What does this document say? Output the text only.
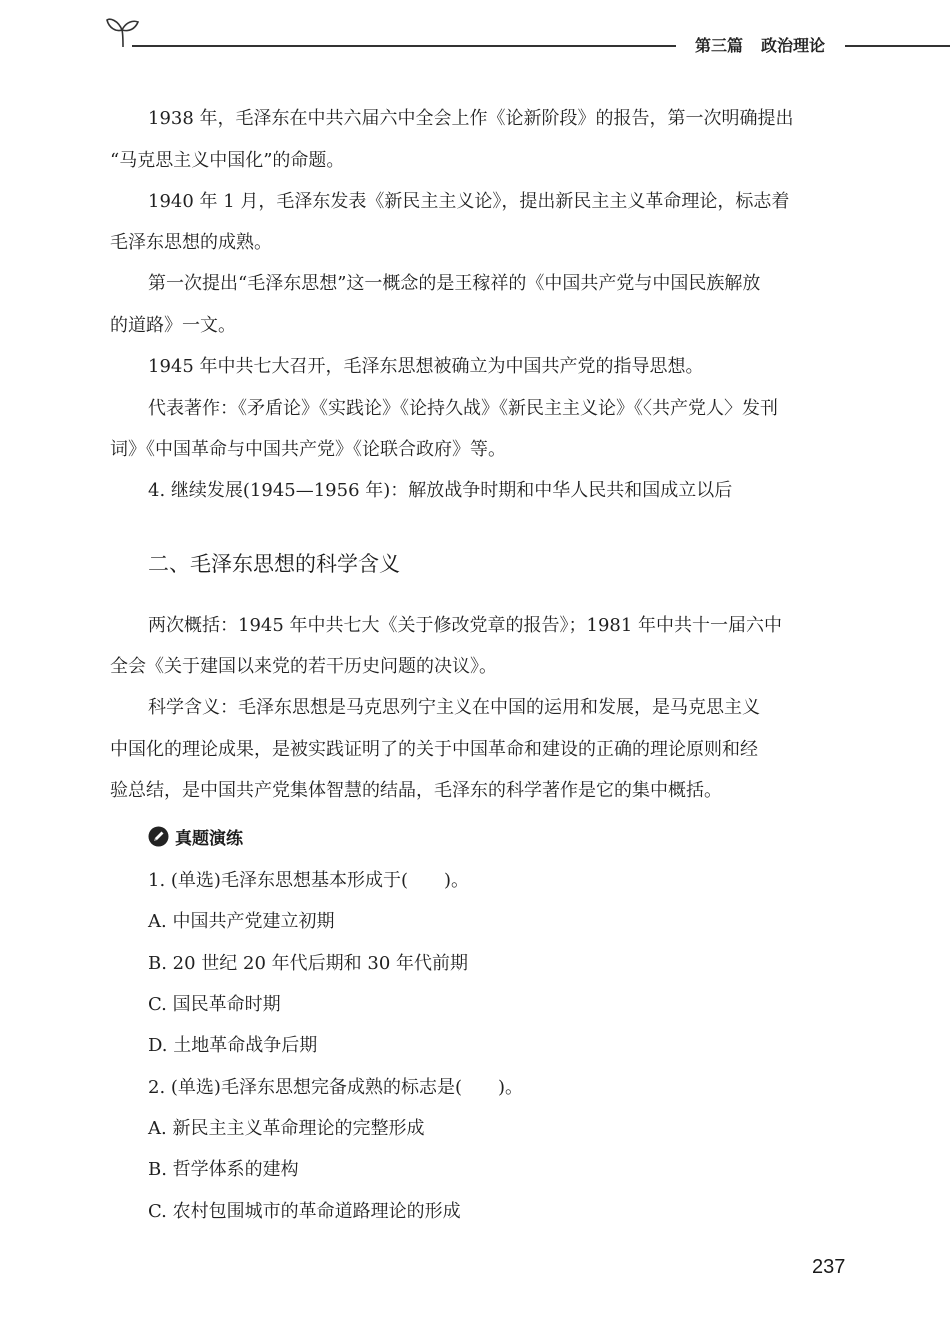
第三篇 政治理论
1938 年，毛泽东在中共六届六中全会上作《论新阶段》的报告，第一次明确提出
“马克思主义中国化”的命题。
1940 年 1 月，毛泽东发表《新民主主义论》，提出新民主主义革命理论，标志着
毛泽东思想的成熟。
第一次提出“毛泽东思想”这一概念的是王稼祥的《中国共产党与中国民族解放
的道路》一文。
1945 年中共七大召开，毛泽东思想被确立为中国共产党的指导思想。
代表著作：《矛盾论》《实践论》《论持久战》《新民主主义论》《〈共产党人〉发刊
词》《中国革命与中国共产党》《论联合政府》等。
4. 继续发展(1945—1956 年)：解放战争时期和中华人民共和国成立以后
二、毛泽东思想的科学含义
两次概括：1945 年中共七大《关于修改党章的报告》；1981 年中共十一届六中
全会《关于建国以来党的若干历史问题的决议》。
科学含义：毛泽东思想是马克思列宁主义在中国的运用和发展，是马克思主义
中国化的理论成果，是被实践证明了的关于中国革命和建设的正确的理论原则和经
验总结，是中国共产党集体智慧的结晶，毛泽东的科学著作是它的集中概括。
真题演练
1. (单选)毛泽东思想基本形成于(　　)。
A. 中国共产党建立初期
B. 20 世纪 20 年代后期和 30 年代前期
C. 国民革命时期
D. 土地革命战争后期
2. (单选)毛泽东思想完备成熟的标志是(　　)。
A. 新民主主义革命理论的完整形成
B. 哲学体系的建构
C. 农村包围城市的革命道路理论的形成
237
